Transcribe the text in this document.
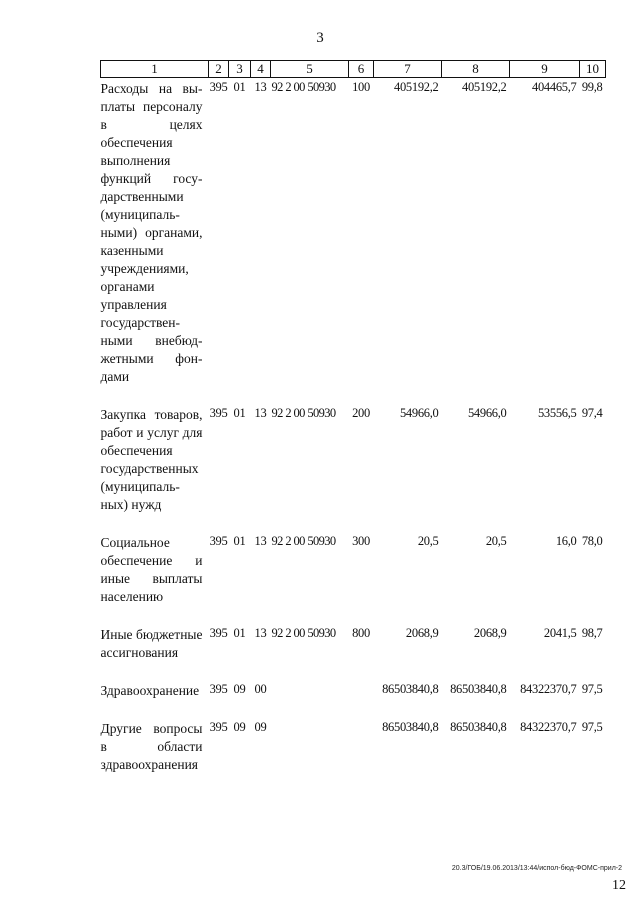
3
1	2	3	4	5	6	7	8	9	10
Расходы на выплаты персоналу в целях обеспечения выполнения функций государственными (муниципальными) органами, казенными учреждениями, органами управления государственными внебюджетными фондами	395	01	13	92 2 00 50930	100	405192,2	405192,2	404465,7	99,8

Закупка товаров, работ и услуг для обеспечения государственных (муниципальных) нужд	395	01	13	92 2 00 50930	200	54966,0	54966,0	53556,5	97,4

Социальное обеспечение и иные выплаты населению	395	01	13	92 2 00 50930	300	20,5	20,5	16,0	78,0

Иные бюджетные ассигнования	395	01	13	92 2 00 50930	800	2068,9	2068,9	2041,5	98,7

Здравоохранение	395	09	00			86503840,8	86503840,8	84322370,7	97,5

Другие вопросы в области здравоохранения	395	09	09			86503840,8	86503840,8	84322370,7	97,5
20.3/ГОБ/19.06.2013/13:44/испол-бюд-ФОМС-прил-2
12
